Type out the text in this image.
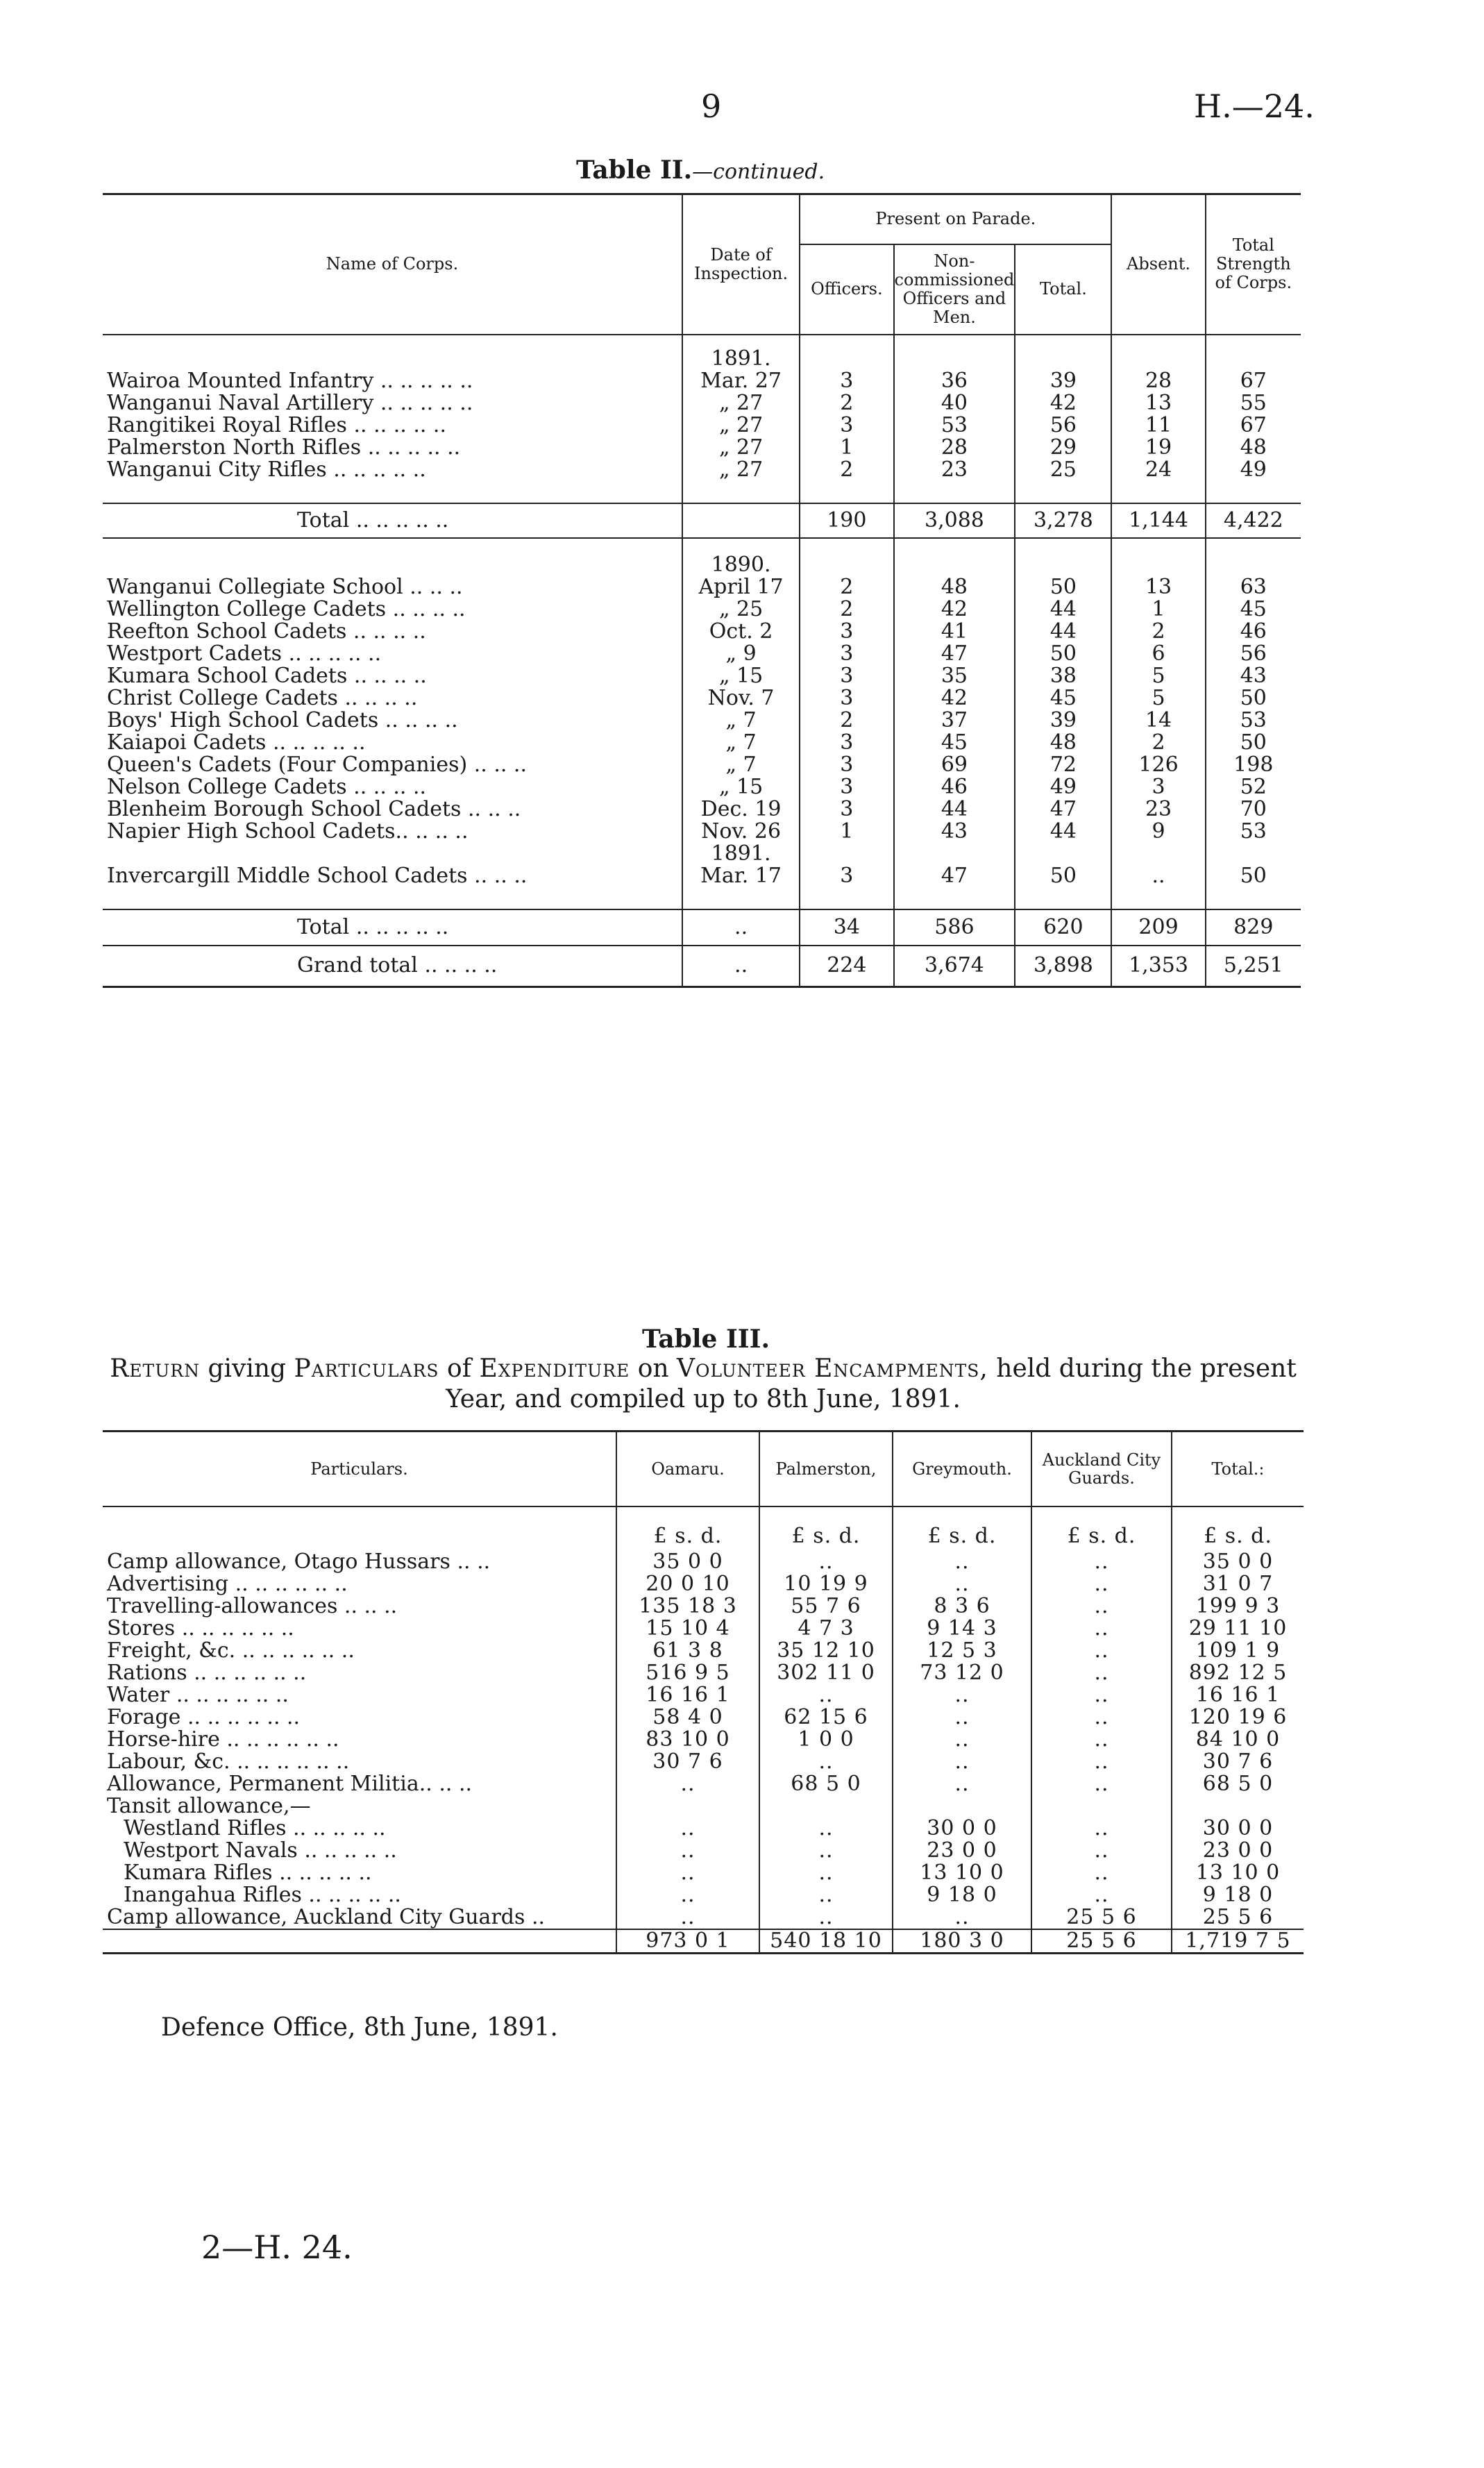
9	H.—24.
Table II.—continued.
Name of Corps.	Date of Inspection.	Present on Parade.			Absent.	Total Strength of Corps.
		Officers.	Non-commissioned Officers and Men.	Total.		
	1891.					
Wairoa Mounted Infantry .. .. .. .. ..	Mar. 27	3	36	39	28	67
Wanganui Naval Artillery .. .. .. .. ..	„ 27	2	40	42	13	55
Rangitikei Royal Rifles .. .. .. .. ..	„ 27	3	53	56	11	67
Palmerston North Rifles .. .. .. .. ..	„ 27	1	28	29	19	48
Wanganui City Rifles .. .. .. .. ..	„ 27	2	23	25	24	49

Total .. .. .. .. ..		190	3,088	3,278	1,144	4,422
	1890.					
Wanganui Collegiate School .. .. ..	April 17	2	48	50	13	63
Wellington College Cadets .. .. .. ..	„ 25	2	42	44	1	45
Reefton School Cadets .. .. .. ..	Oct. 2	3	41	44	2	46
Westport Cadets .. .. .. .. ..	„ 9	3	47	50	6	56
Kumara School Cadets .. .. .. ..	„ 15	3	35	38	5	43
Christ College Cadets .. .. .. ..	Nov. 7	3	42	45	5	50
Boys' High School Cadets .. .. .. ..	„ 7	2	37	39	14	53
Kaiapoi Cadets .. .. .. .. ..	„ 7	3	45	48	2	50
Queen's Cadets (Four Companies) .. .. ..	„ 7	3	69	72	126	198
Nelson College Cadets .. .. .. ..	„ 15	3	46	49	3	52
Blenheim Borough School Cadets .. .. ..	Dec. 19	3	44	47	23	70
Napier High School Cadets.. .. .. ..	Nov. 26	1	43	44	9	53
	1891.					
Invercargill Middle School Cadets .. .. ..	Mar. 17	3	47	50	..	50

Total .. .. .. .. ..	..	34	586	620	209	829
Grand total .. .. .. ..	..	224	3,674	3,898	1,353	5,251
Table III.
Return giving Particulars of Expenditure on Volunteer Encampments, held during the present Year, and compiled up to 8th June, 1891.
Particulars.	Oamaru.	Palmerston,	Greymouth.	Auckland City Guards.	Total.:
	£ s. d.	£ s. d.	£ s. d.	£ s. d.	£ s. d.
Camp allowance, Otago Hussars .. ..	35 0 0	..	..	..	35 0 0
Advertising .. .. .. .. .. ..	20 0 10	10 19 9	..	..	31 0 7
Travelling-allowances .. .. ..	135 18 3	55 7 6	8 3 6	..	199 9 3
Stores .. .. .. .. .. ..	15 10 4	4 7 3	9 14 3	..	29 11 10
Freight, &c. .. .. .. .. .. ..	61 3 8	35 12 10	12 5 3	..	109 1 9
Rations .. .. .. .. .. ..	516 9 5	302 11 0	73 12 0	..	892 12 5
Water .. .. .. .. .. ..	16 16 1	..	..	..	16 16 1
Forage .. .. .. .. .. ..	58 4 0	62 15 6	..	..	120 19 6
Horse-hire .. .. .. .. .. ..	83 10 0	1 0 0	..	..	84 10 0
Labour, &c. .. .. .. .. .. ..	30 7 6	..	..	..	30 7 6
Allowance, Permanent Militia.. .. ..	..	68 5 0	..	..	68 5 0
Tansit allowance,—					
Westland Rifles .. .. .. .. ..	..	..	30 0 0	..	30 0 0
Westport Navals .. .. .. .. ..	..	..	23 0 0	..	23 0 0
Kumara Rifles .. .. .. .. ..	..	..	13 10 0	..	13 10 0
Inangahua Rifles .. .. .. .. ..	..	..	9 18 0	..	9 18 0
Camp allowance, Auckland City Guards ..	..	..	..	25 5 6	25 5 6
	973 0 1	540 18 10	180 3 0	25 5 6	1,719 7 5
Defence Office, 8th June, 1891.
2—H. 24.
